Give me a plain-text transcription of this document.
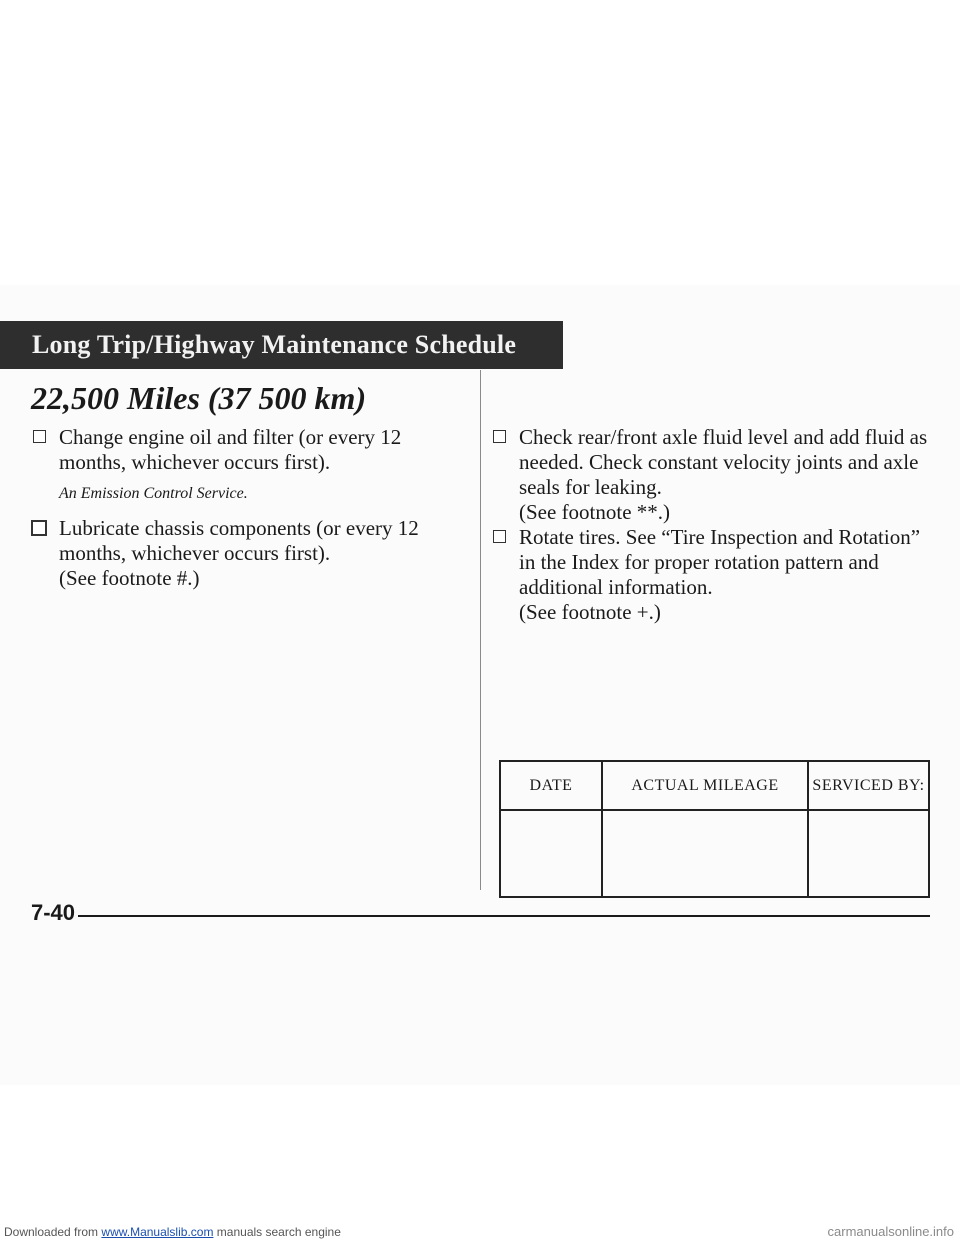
Long Trip/Highway Maintenance Schedule
22,500 Miles (37 500 km)
Change engine oil and filter (or every 12 months, whichever occurs first).
An Emission Control Service.
Lubricate chassis components (or every 12 months, whichever occurs first).
(See footnote #.)
Check rear/front axle fluid level and add fluid as needed. Check constant velocity joints and axle seals for leaking.
(See footnote **.)
Rotate tires. See “Tire Inspection and Rotation” in the Index for proper rotation pattern and additional information.
(See footnote +.)
DATE	ACTUAL MILEAGE	SERVICED BY:

7-40
Downloaded from www.Manualslib.com manuals search engine	carmanualsonline.info
